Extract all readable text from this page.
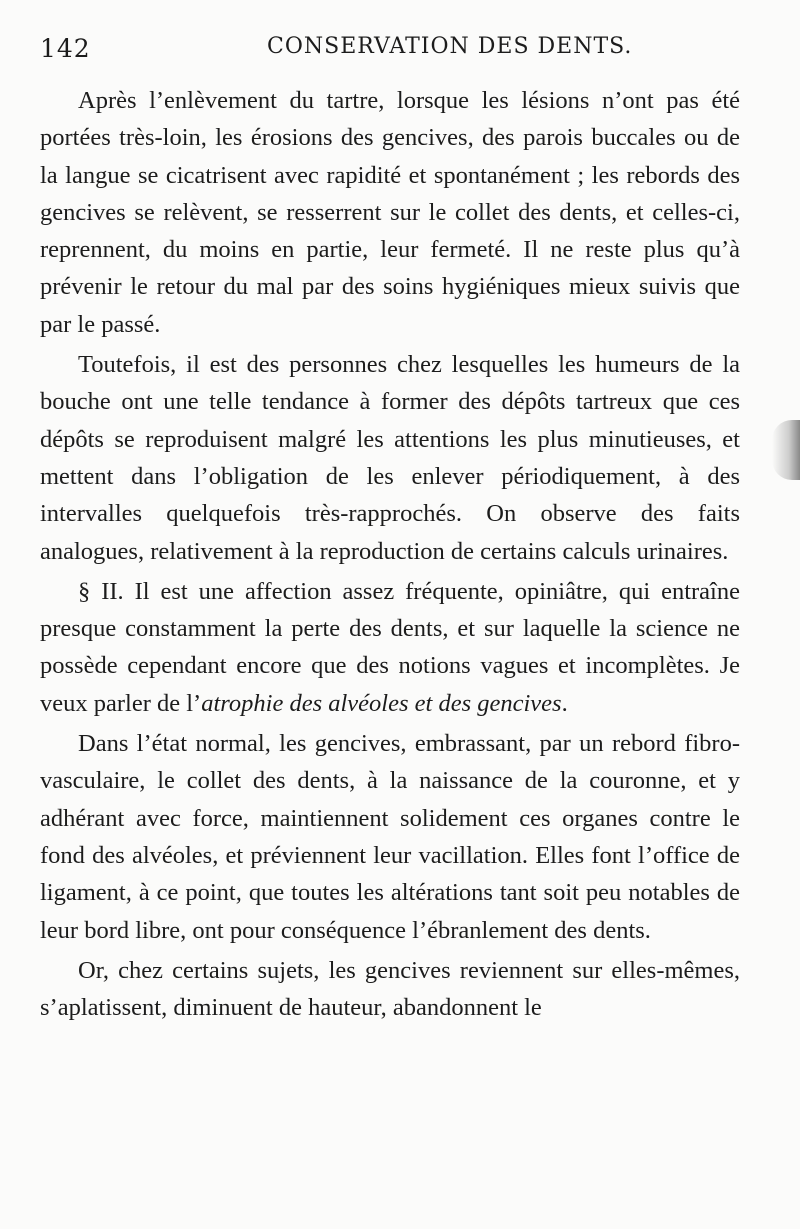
142	CONSERVATION DES DENTS.

Après l’enlèvement du tartre, lorsque les lésions n’ont pas été portées très-loin, les érosions des gencives, des parois buccales ou de la langue se cicatrisent avec rapidité et spontanément ; les rebords des gencives se relèvent, se resserrent sur le collet des dents, et celles-ci, reprennent, du moins en partie, leur fermeté. Il ne reste plus qu’à prévenir le retour du mal par des soins hygiéniques mieux suivis que par le passé.

Toutefois, il est des personnes chez lesquelles les humeurs de la bouche ont une telle tendance à former des dépôts tartreux que ces dépôts se reproduisent malgré les attentions les plus minutieuses, et mettent dans l’obligation de les enlever périodiquement, à des intervalles quelquefois très-rapprochés. On observe des faits analogues, relativement à la reproduction de certains calculs urinaires.

§ II. Il est une affection assez fréquente, opiniâtre, qui entraîne presque constamment la perte des dents, et sur laquelle la science ne possède cependant encore que des notions vagues et incomplètes. Je veux parler de l’atrophie des alvéoles et des gencives.

Dans l’état normal, les gencives, embrassant, par un rebord fibro-vasculaire, le collet des dents, à la naissance de la couronne, et y adhérant avec force, maintiennent solidement ces organes contre le fond des alvéoles, et préviennent leur vacillation. Elles font l’office de ligament, à ce point, que toutes les altérations tant soit peu notables de leur bord libre, ont pour conséquence l’ébranlement des dents.

Or, chez certains sujets, les gencives reviennent sur elles-mêmes, s’aplatissent, diminuent de hauteur, abandonnent le
